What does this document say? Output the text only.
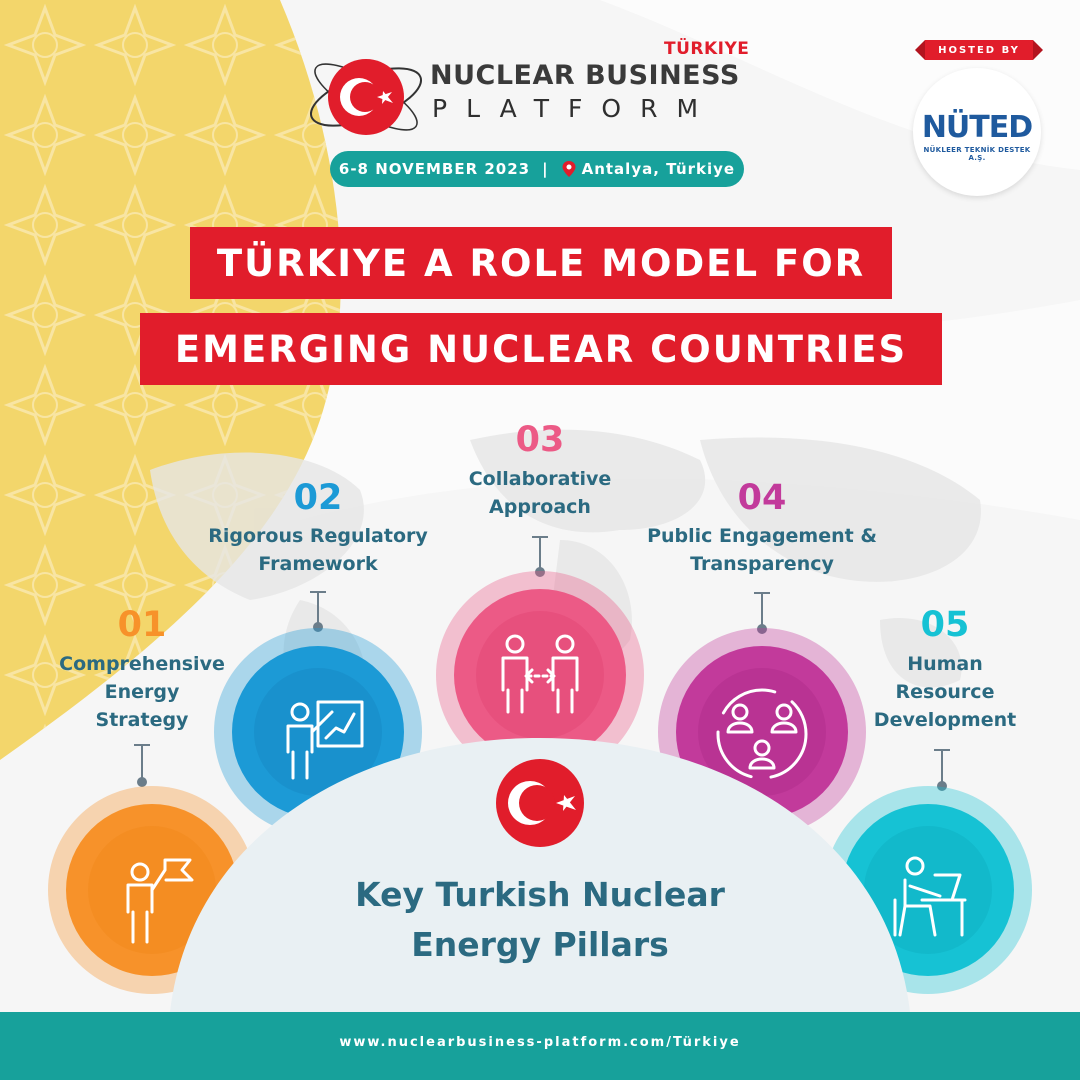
TÜRKIYE
NUCLEAR BUSINESS
PLATFORM
6-8 NOVEMBER 2023 | Antalya, Türkiye
HOSTED BY
NÜTED
NÜKLEER TEKNİK DESTEK A.Ş.
TÜRKIYE A ROLE MODEL FOR
EMERGING NUCLEAR COUNTRIES
01
Comprehensive
Energy
Strategy
02
Rigorous Regulatory
Framework
03
Collaborative
Approach	04
Public Engagement &
Transparency
05
Human
Resource
Development
Key Turkish Nuclear
Energy Pillars
www.nuclearbusiness-platform.com/Türkiye
